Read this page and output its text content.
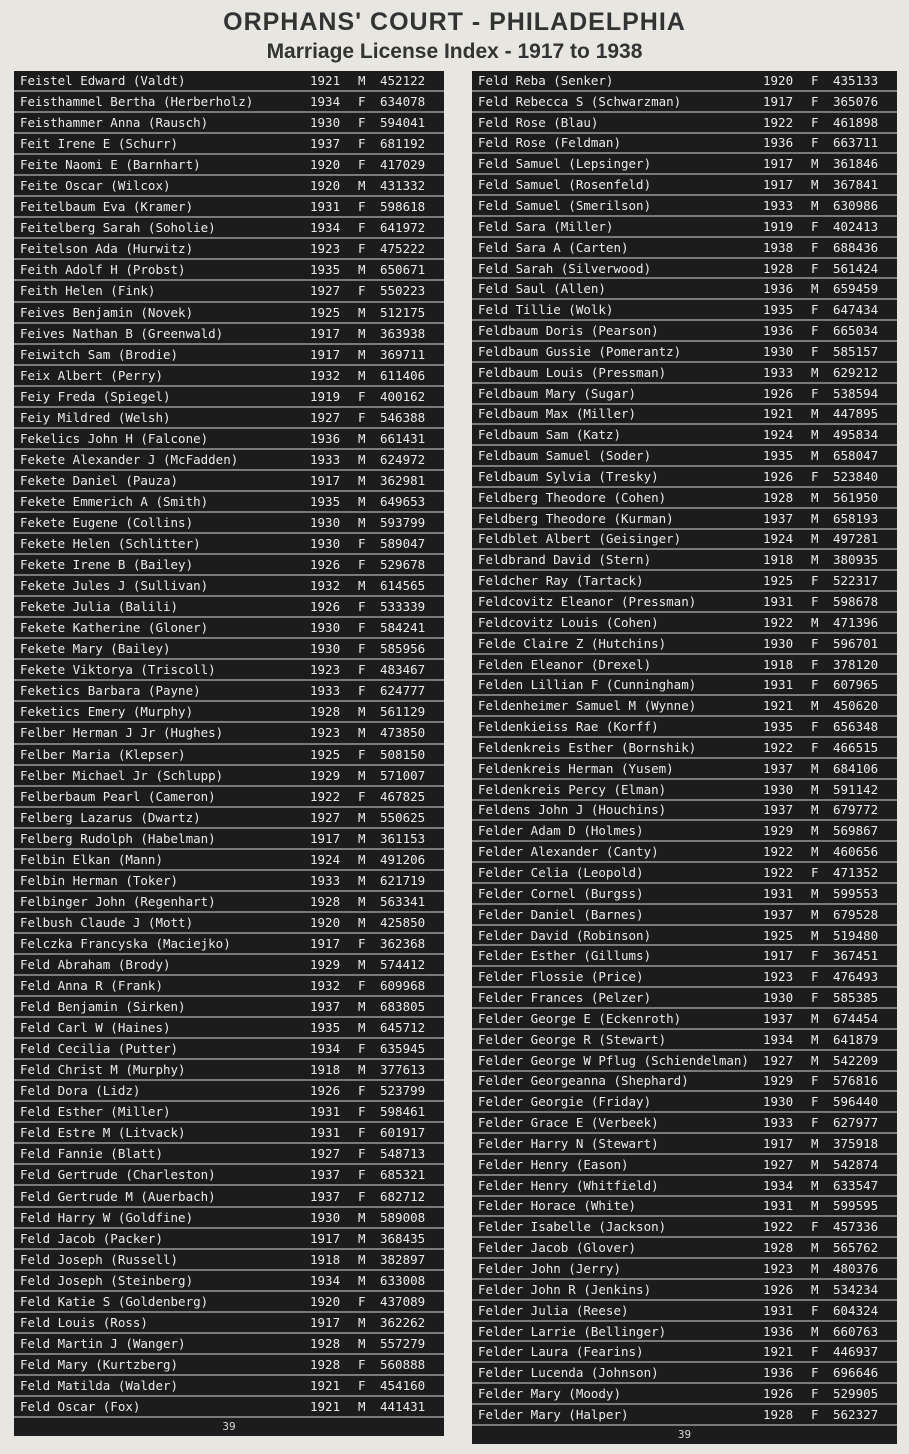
ORPHANS' COURT - PHILADELPHIA
Marriage License Index - 1917 to 1938
Feistel Edward (Valdt)	1921	M	452122
Feisthammel Bertha (Herberholz)	1934	F	634078
Feisthammer Anna (Rausch)	1930	F	594041
Feit Irene E (Schurr)	1937	F	681192
Feite Naomi E (Barnhart)	1920	F	417029
Feite Oscar (Wilcox)	1920	M	431332
Feitelbaum Eva (Kramer)	1931	F	598618
Feitelberg Sarah (Soholie)	1934	F	641972
Feitelson Ada (Hurwitz)	1923	F	475222
Feith Adolf H (Probst)	1935	M	650671
Feith Helen (Fink)	1927	F	550223
Feives Benjamin (Novek)	1925	M	512175
Feives Nathan B (Greenwald)	1917	M	363938
Feiwitch Sam (Brodie)	1917	M	369711
Feix Albert (Perry)	1932	M	611406
Feiy Freda (Spiegel)	1919	F	400162
Feiy Mildred (Welsh)	1927	F	546388
Fekelics John H (Falcone)	1936	M	661431
Fekete Alexander J (McFadden)	1933	M	624972
Fekete Daniel (Pauza)	1917	M	362981
Fekete Emmerich A (Smith)	1935	M	649653
Fekete Eugene (Collins)	1930	M	593799
Fekete Helen (Schlitter)	1930	F	589047
Fekete Irene B (Bailey)	1926	F	529678
Fekete Jules J (Sullivan)	1932	M	614565
Fekete Julia (Balili)	1926	F	533339
Fekete Katherine (Gloner)	1930	F	584241
Fekete Mary (Bailey)	1930	F	585956
Fekete Viktorya (Triscoll)	1923	F	483467
Feketics Barbara (Payne)	1933	F	624777
Feketics Emery (Murphy)	1928	M	561129
Felber Herman J Jr (Hughes)	1923	M	473850
Felber Maria (Klepser)	1925	F	508150
Felber Michael Jr (Schlupp)	1929	M	571007
Felberbaum Pearl (Cameron)	1922	F	467825
Felberg Lazarus (Dwartz)	1927	M	550625
Felberg Rudolph (Habelman)	1917	M	361153
Felbin Elkan (Mann)	1924	M	491206
Felbin Herman (Toker)	1933	M	621719
Felbinger John (Regenhart)	1928	M	563341
Felbush Claude J (Mott)	1920	M	425850
Felczka Francyska (Maciejko)	1917	F	362368
Feld Abraham (Brody)	1929	M	574412
Feld Anna R (Frank)	1932	F	609968
Feld Benjamin (Sirken)	1937	M	683805
Feld Carl W (Haines)	1935	M	645712
Feld Cecilia (Putter)	1934	F	635945
Feld Christ M (Murphy)	1918	M	377613
Feld Dora (Lidz)	1926	F	523799
Feld Esther (Miller)	1931	F	598461
Feld Estre M (Litvack)	1931	F	601917
Feld Fannie (Blatt)	1927	F	548713
Feld Gertrude (Charleston)	1937	F	685321
Feld Gertrude M (Auerbach)	1937	F	682712
Feld Harry W (Goldfine)	1930	M	589008
Feld Jacob (Packer)	1917	M	368435
Feld Joseph (Russell)	1918	M	382897
Feld Joseph (Steinberg)	1934	M	633008
Feld Katie S (Goldenberg)	1920	F	437089
Feld Louis (Ross)	1917	M	362262
Feld Martin J (Wanger)	1928	M	557279
Feld Mary (Kurtzberg)	1928	F	560888
Feld Matilda (Walder)	1921	F	454160
Feld Oscar (Fox)	1921	M	441431
39
Feld Reba (Senker)	1920	F	435133
Feld Rebecca S (Schwarzman)	1917	F	365076
Feld Rose (Blau)	1922	F	461898
Feld Rose (Feldman)	1936	F	663711
Feld Samuel (Lepsinger)	1917	M	361846
Feld Samuel (Rosenfeld)	1917	M	367841
Feld Samuel (Smerilson)	1933	M	630986
Feld Sara (Miller)	1919	F	402413
Feld Sara A (Carten)	1938	F	688436
Feld Sarah (Silverwood)	1928	F	561424
Feld Saul (Allen)	1936	M	659459
Feld Tillie (Wolk)	1935	F	647434
Feldbaum Doris (Pearson)	1936	F	665034
Feldbaum Gussie (Pomerantz)	1930	F	585157
Feldbaum Louis (Pressman)	1933	M	629212
Feldbaum Mary (Sugar)	1926	F	538594
Feldbaum Max (Miller)	1921	M	447895
Feldbaum Sam (Katz)	1924	M	495834
Feldbaum Samuel (Soder)	1935	M	658047
Feldbaum Sylvia (Tresky)	1926	F	523840
Feldberg Theodore (Cohen)	1928	M	561950
Feldberg Theodore (Kurman)	1937	M	658193
Feldblet Albert (Geisinger)	1924	M	497281
Feldbrand David (Stern)	1918	M	380935
Feldcher Ray (Tartack)	1925	F	522317
Feldcovitz Eleanor (Pressman)	1931	F	598678
Feldcovitz Louis (Cohen)	1922	M	471396
Felde Claire Z (Hutchins)	1930	F	596701
Felden Eleanor (Drexel)	1918	F	378120
Felden Lillian F (Cunningham)	1931	F	607965
Feldenheimer Samuel M (Wynne)	1921	M	450620
Feldenkieiss Rae (Korff)	1935	F	656348
Feldenkreis Esther (Bornshik)	1922	F	466515
Feldenkreis Herman (Yusem)	1937	M	684106
Feldenkreis Percy (Elman)	1930	M	591142
Feldens John J (Houchins)	1937	M	679772
Felder Adam D (Holmes)	1929	M	569867
Felder Alexander (Canty)	1922	M	460656
Felder Celia (Leopold)	1922	F	471352
Felder Cornel (Burgss)	1931	M	599553
Felder Daniel (Barnes)	1937	M	679528
Felder David (Robinson)	1925	M	519480
Felder Esther (Gillums)	1917	F	367451
Felder Flossie (Price)	1923	F	476493
Felder Frances (Pelzer)	1930	F	585385
Felder George E (Eckenroth)	1937	M	674454
Felder George R (Stewart)	1934	M	641879
Felder George W Pflug (Schiendelman)	1927	M	542209
Felder Georgeanna (Shephard)	1929	F	576816
Felder Georgie (Friday)	1930	F	596440
Felder Grace E (Verbeek)	1933	F	627977
Felder Harry N (Stewart)	1917	M	375918
Felder Henry (Eason)	1927	M	542874
Felder Henry (Whitfield)	1934	M	633547
Felder Horace (White)	1931	M	599595
Felder Isabelle (Jackson)	1922	F	457336
Felder Jacob (Glover)	1928	M	565762
Felder John (Jerry)	1923	M	480376
Felder John R (Jenkins)	1926	M	534234
Felder Julia (Reese)	1931	F	604324
Felder Larrie (Bellinger)	1936	M	660763
Felder Laura (Fearins)	1921	F	446937
Felder Lucenda (Johnson)	1936	F	696646
Felder Mary (Moody)	1926	F	529905
Felder Mary (Halper)	1928	F	562327
39
